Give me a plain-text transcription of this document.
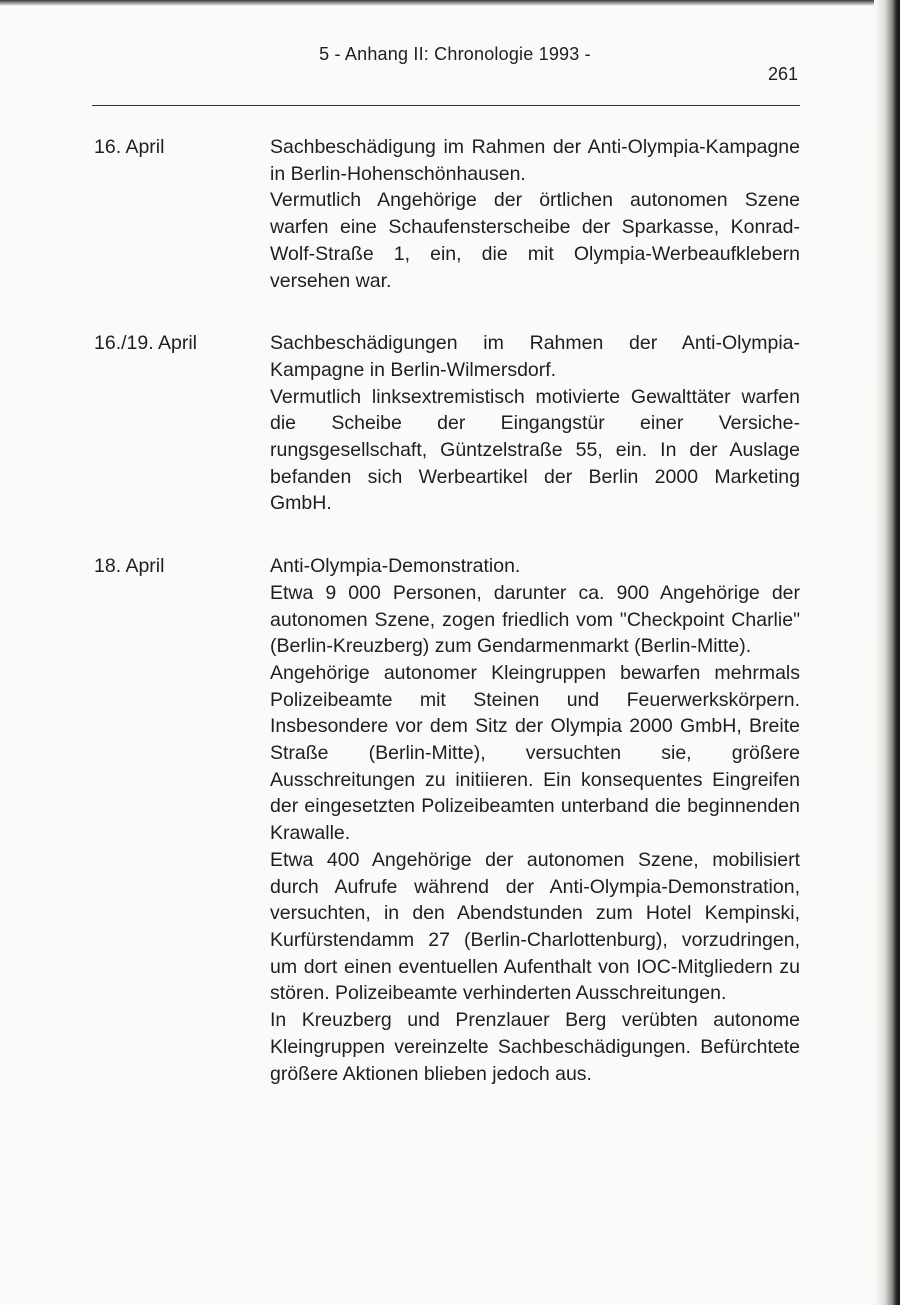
5 - Anhang II: Chronologie 1993 -
261
16. April	Sachbeschädigung im Rahmen der Anti-Olympia-Kampagne in Berlin-Hohenschönhausen.
Vermutlich Angehörige der örtlichen autonomen Szene warfen eine Schaufensterscheibe der Sparkasse, Konrad-Wolf-Straße 1, ein, die mit Olympia-Werbeaufklebern versehen war.
16./19. April	Sachbeschädigungen im Rahmen der Anti-Olympia-Kampagne in Berlin-Wilmersdorf.
Vermutlich linksextremistisch motivierte Gewalttäter warfen die Scheibe der Eingangstür einer Versicherungsgesellschaft, Güntzelstraße 55, ein. In der Auslage befanden sich Werbeartikel der Berlin 2000 Marketing GmbH.
18. April	Anti-Olympia-Demonstration.
Etwa 9 000 Personen, darunter ca. 900 Angehörige der autonomen Szene, zogen friedlich vom "Checkpoint Charlie" (Berlin-Kreuzberg) zum Gendarmenmarkt (Berlin-Mitte).
Angehörige autonomer Kleingruppen bewarfen mehrmals Polizeibeamte mit Steinen und Feuerwerkskörpern. Insbesondere vor dem Sitz der Olympia 2000 GmbH, Breite Straße (Berlin-Mitte), versuchten sie, größere Ausschreitungen zu initiieren. Ein konsequentes Eingreifen der eingesetzten Polizeibeamten unterband die beginnenden Krawalle.
Etwa 400 Angehörige der autonomen Szene, mobilisiert durch Aufrufe während der Anti-Olympia-Demonstration, versuchten, in den Abendstunden zum Hotel Kempinski, Kurfürstendamm 27 (Berlin-Charlottenburg), vorzudringen, um dort einen eventuellen Aufenthalt von IOC-Mitgliedern zu stören. Polizeibeamte verhinderten Ausschreitungen.
In Kreuzberg und Prenzlauer Berg verübten autonome Kleingruppen vereinzelte Sachbeschädigungen. Befürchtete größere Aktionen blieben jedoch aus.
